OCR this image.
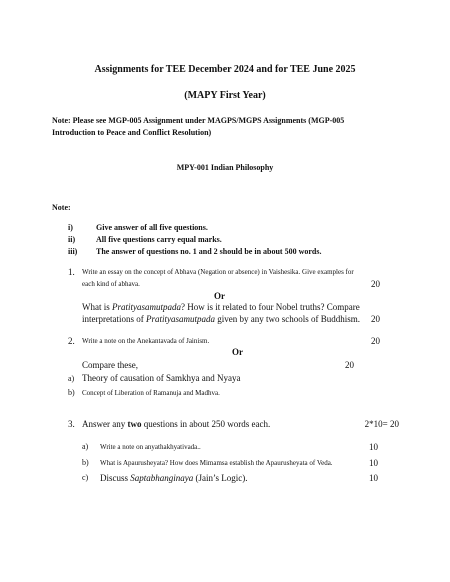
Assignments for TEE December 2024 and for TEE June 2025
(MAPY First Year)
Note: Please see MGP-005 Assignment under MAGPS/MGPS Assignments (MGP-005
Introduction to Peace and Conflict Resolution)
MPY-001 Indian Philosophy
Note:
i)	Give answer of all five questions.
ii)	All five questions carry equal marks.
iii) The answer of questions no. 1 and 2 should be in about 500 words.
1. Write an essay on the concept of Abhava (Negation or absence) in Vaishesika. Give examples for
each kind of abhava.	20
Or
What is Pratityasamutpada? How is it related to four Nobel truths? Compare
interpretations of Pratityasamutpada given by any two schools of Buddhism.	20
2. Write a note on the Anekantavada of Jainism.	20
Or
Compare these,	20
a) Theory of causation of Samkhya and Nyaya
b) Concept of Liberation of Ramanuja and Madhva.
3. Answer any two questions in about 250 words each.	2*10= 20
a) Write a note on anyathakhyativada..	10
b) What is Apaurusheyata? How does Mimamsa establish the Apaurusheyata of Veda.	10
c) Discuss Saptabhanginaya (Jain’s Logic).	10
